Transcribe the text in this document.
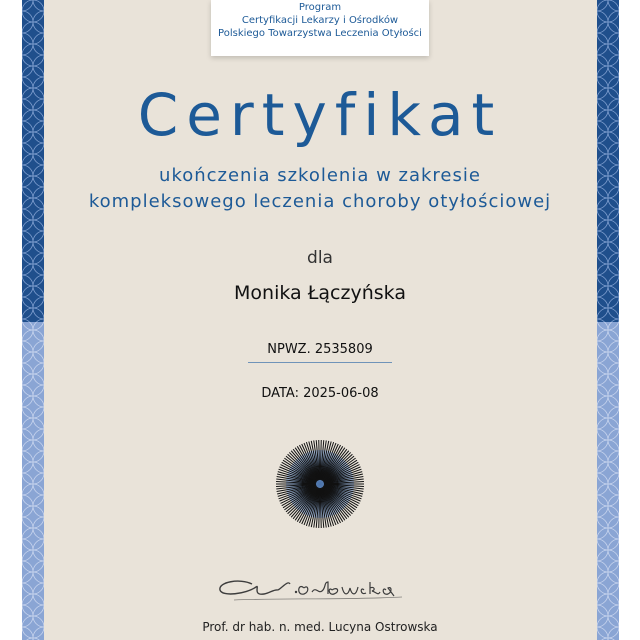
Program
Certyfikacji Lekarzy i Ośrodków
Polskiego Towarzystwa Leczenia Otyłości
Certyfikat
ukończenia szkolenia w zakresie
kompleksowego leczenia choroby otyłościowej
dla
Monika Łączyńska
NPWZ. 2535809
DATA: 2025-06-08
Prof. dr hab. n. med. Lucyna Ostrowska
